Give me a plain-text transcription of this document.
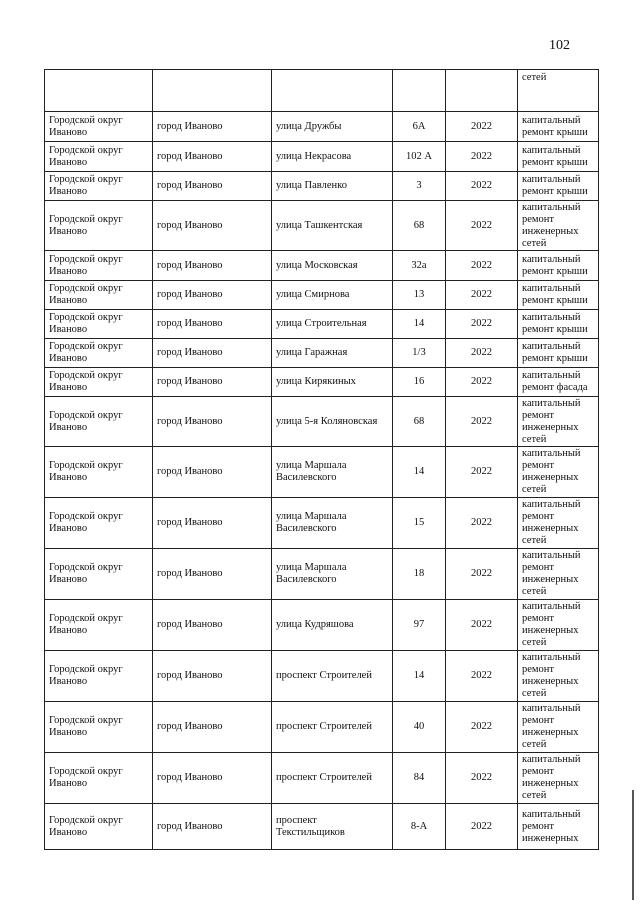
102
					сетей
Городской округ Иваново	город Иваново	улица Дружбы	6А	2022	капитальный ремонт крыши
Городской округ Иваново	город Иваново	улица Некрасова	102 А	2022	капитальный ремонт крыши
Городской округ Иваново	город Иваново	улица Павленко	3	2022	капитальный ремонт крыши
Городской округ Иваново	город Иваново	улица Ташкентская	68	2022	капитальный ремонт инженерных сетей
Городской округ Иваново	город Иваново	улица Московская	32а	2022	капитальный ремонт крыши
Городской округ Иваново	город Иваново	улица Смирнова	13	2022	капитальный ремонт крыши
Городской округ Иваново	город Иваново	улица Строительная	14	2022	капитальный ремонт крыши
Городской округ Иваново	город Иваново	улица Гаражная	1/3	2022	капитальный ремонт крыши
Городской округ Иваново	город Иваново	улица Кирякиных	16	2022	капитальный ремонт фасада
Городской округ Иваново	город Иваново	улица 5-я Коляновская	68	2022	капитальный ремонт инженерных сетей
Городской округ Иваново	город Иваново	улица Маршала Василевского	14	2022	капитальный ремонт инженерных сетей
Городской округ Иваново	город Иваново	улица Маршала Василевского	15	2022	капитальный ремонт инженерных сетей
Городской округ Иваново	город Иваново	улица Маршала Василевского	18	2022	капитальный ремонт инженерных сетей
Городской округ Иваново	город Иваново	улица Кудряшова	97	2022	капитальный ремонт инженерных сетей
Городской округ Иваново	город Иваново	проспект Строителей	14	2022	капитальный ремонт инженерных сетей
Городской округ Иваново	город Иваново	проспект Строителей	40	2022	капитальный ремонт инженерных сетей
Городской округ Иваново	город Иваново	проспект Строителей	84	2022	капитальный ремонт инженерных сетей
Городской округ Иваново	город Иваново	проспект Текстильщиков	8-А	2022	капитальный ремонт инженерных
